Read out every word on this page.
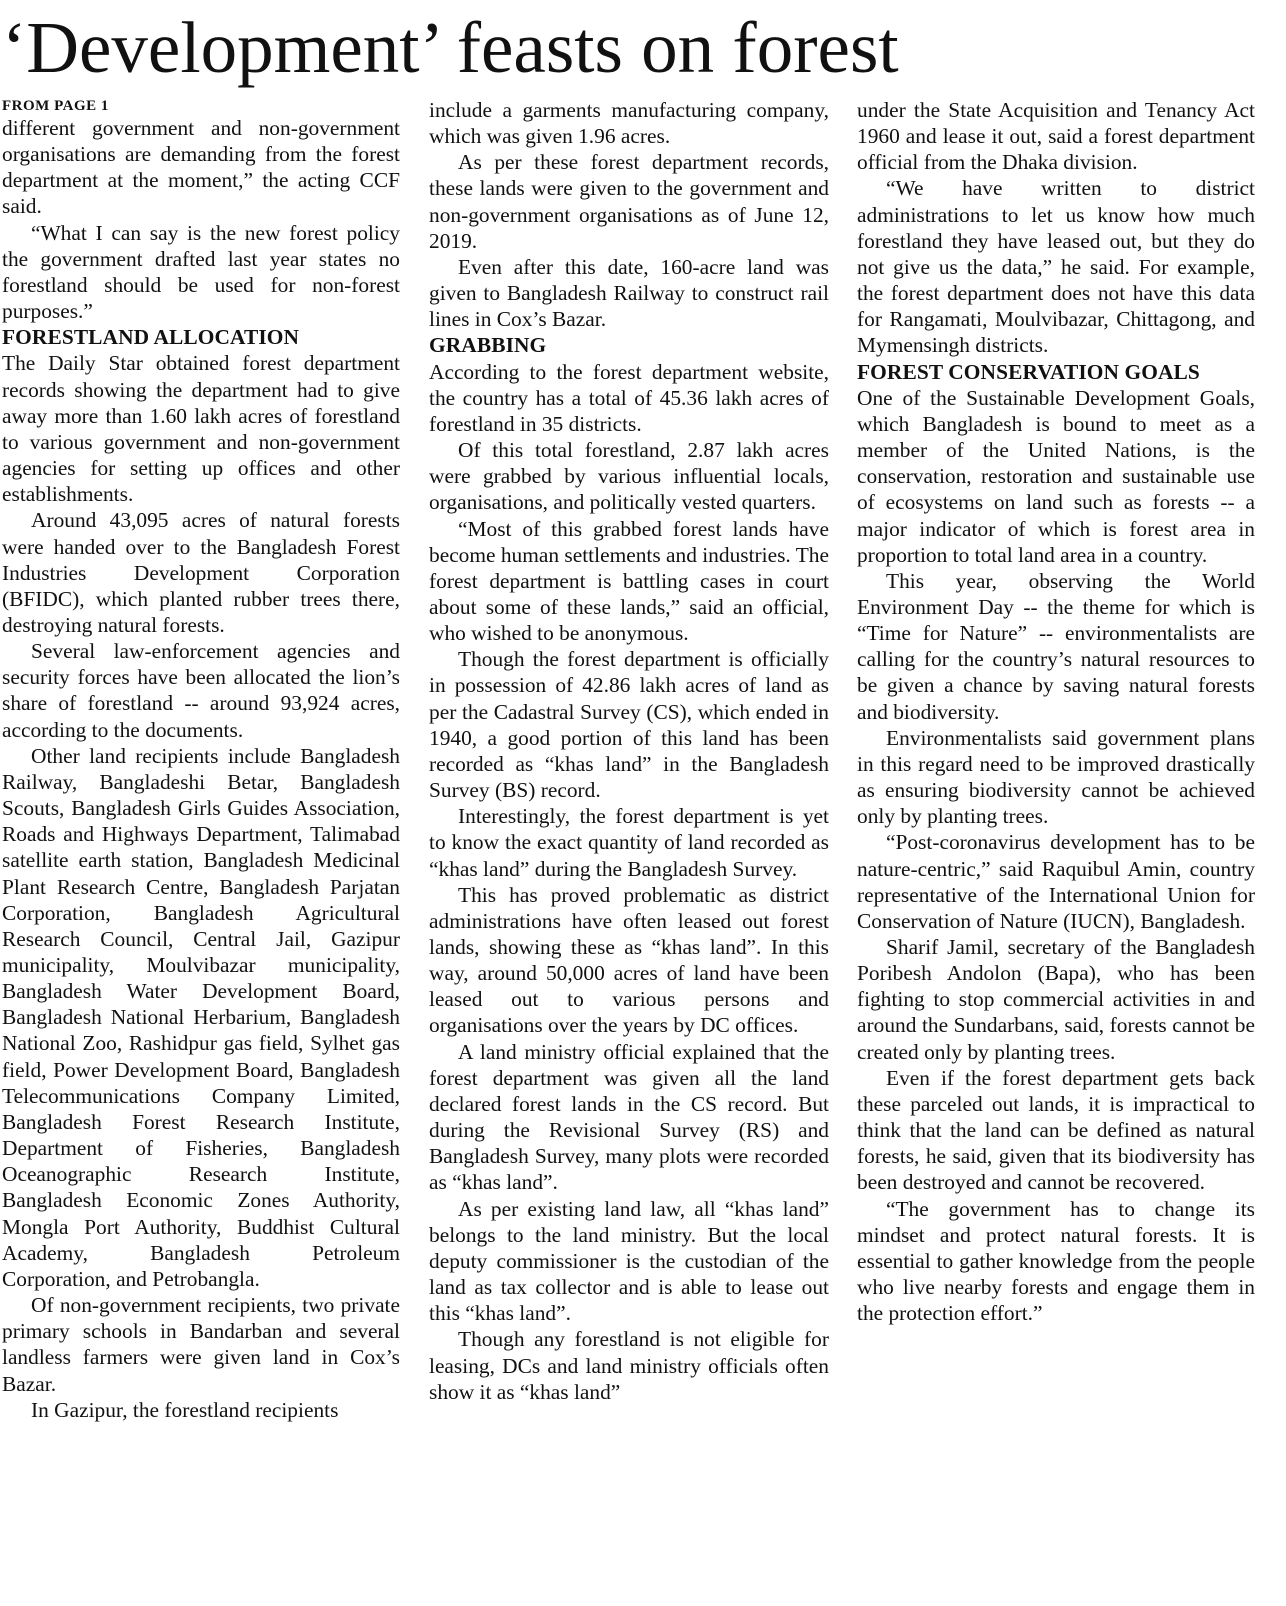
‘Development’ feasts on forest
FROM PAGE 1

different government and non-government organisations are demanding from the forest department at the moment,” the acting CCF said.

“What I can say is the new forest policy the government drafted last year states no forestland should be used for non-forest purposes.”

FORESTLAND ALLOCATION

The Daily Star obtained forest department records showing the department had to give away more than 1.60 lakh acres of forestland to various government and non-government agencies for setting up offices and other establishments.

Around 43,095 acres of natural forests were handed over to the Bangladesh Forest Industries Development Corporation (BFIDC), which planted rubber trees there, destroying natural forests.

Several law-enforcement agencies and security forces have been allocated the lion’s share of forestland -- around 93,924 acres, according to the documents.

Other land recipients include Bangladesh Railway, Bangladeshi Betar, Bangladesh Scouts, Bangladesh Girls Guides Association, Roads and Highways Department, Talimabad satellite earth station, Bangladesh Medicinal Plant Research Centre, Bangladesh Parjatan Corporation, Bangladesh Agricultural Research Council, Central Jail, Gazipur municipality, Moulvibazar municipality, Bangladesh Water Development Board, Bangladesh National Herbarium, Bangladesh National Zoo, Rashidpur gas field, Sylhet gas field, Power Development Board, Bangladesh Telecommunications Company Limited, Bangladesh Forest Research Institute, Department of Fisheries, Bangladesh Oceanographic Research Institute, Bangladesh Economic Zones Authority, Mongla Port Authority, Buddhist Cultural Academy, Bangladesh Petroleum Corporation, and Petrobangla.

Of non-government recipients, two private primary schools in Bandarban and several landless farmers were given land in Cox’s Bazar.

In Gazipur, the forestland recipients

include a garments manufacturing company, which was given 1.96 acres.

As per these forest department records, these lands were given to the government and non-government organisations as of June 12, 2019.

Even after this date, 160-acre land was given to Bangladesh Railway to construct rail lines in Cox’s Bazar.

GRABBING

According to the forest department website, the country has a total of 45.36 lakh acres of forestland in 35 districts.

Of this total forestland, 2.87 lakh acres were grabbed by various influential locals, organisations, and politically vested quarters.

“Most of this grabbed forest lands have become human settlements and industries. The forest department is battling cases in court about some of these lands,” said an official, who wished to be anonymous.

Though the forest department is officially in possession of 42.86 lakh acres of land as per the Cadastral Survey (CS), which ended in 1940, a good portion of this land has been recorded as “khas land” in the Bangladesh Survey (BS) record.

Interestingly, the forest department is yet to know the exact quantity of land recorded as “khas land” during the Bangladesh Survey.

This has proved problematic as district administrations have often leased out forest lands, showing these as “khas land”. In this way, around 50,000 acres of land have been leased out to various persons and organisations over the years by DC offices.

A land ministry official explained that the forest department was given all the land declared forest lands in the CS record. But during the Revisional Survey (RS) and Bangladesh Survey, many plots were recorded as “khas land”.

As per existing land law, all “khas land” belongs to the land ministry. But the local deputy commissioner is the custodian of the land as tax collector and is able to lease out this “khas land”.

Though any forestland is not eligible for leasing, DCs and land ministry officials often show it as “khas land”

under the State Acquisition and Tenancy Act 1960 and lease it out, said a forest department official from the Dhaka division.

“We have written to district administrations to let us know how much forestland they have leased out, but they do not give us the data,” he said. For example, the forest department does not have this data for Rangamati, Moulvibazar, Chittagong, and Mymensingh districts.

FOREST CONSERVATION GOALS

One of the Sustainable Development Goals, which Bangladesh is bound to meet as a member of the United Nations, is the conservation, restoration and sustainable use of ecosystems on land such as forests -- a major indicator of which is forest area in proportion to total land area in a country.

This year, observing the World Environment Day -- the theme for which is “Time for Nature” -- environmentalists are calling for the country’s natural resources to be given a chance by saving natural forests and biodiversity.

Environmentalists said government plans in this regard need to be improved drastically as ensuring biodiversity cannot be achieved only by planting trees.

“Post-coronavirus development has to be nature-centric,” said Raquibul Amin, country representative of the International Union for Conservation of Nature (IUCN), Bangladesh.

Sharif Jamil, secretary of the Bangladesh Poribesh Andolon (Bapa), who has been fighting to stop commercial activities in and around the Sundarbans, said, forests cannot be created only by planting trees.

Even if the forest department gets back these parceled out lands, it is impractical to think that the land can be defined as natural forests, he said, given that its biodiversity has been destroyed and cannot be recovered.

“The government has to change its mindset and protect natural forests. It is essential to gather knowledge from the people who live nearby forests and engage them in the protection effort.”
